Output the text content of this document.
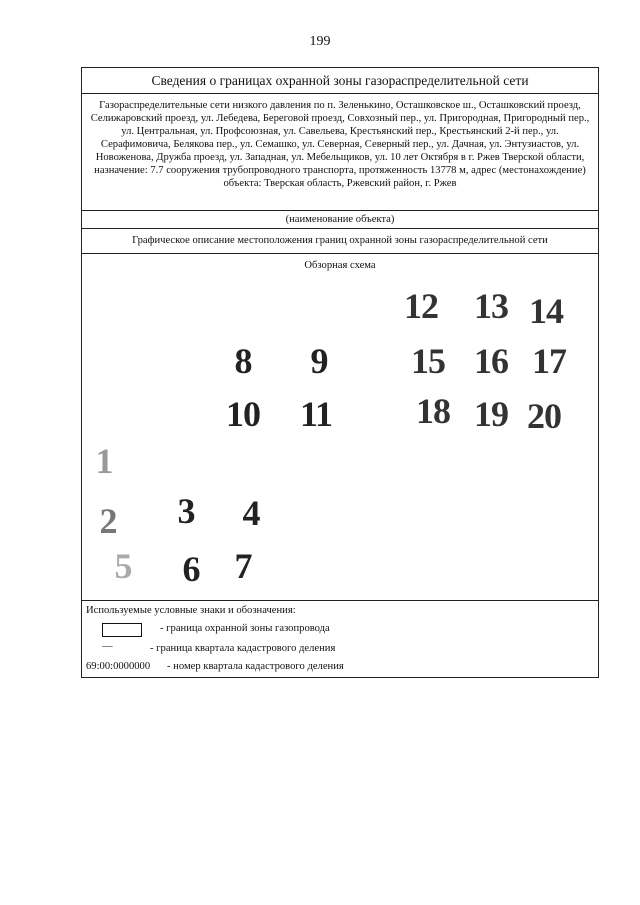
199
Сведения о границах охранной зоны газораспределительной сети
Газораспределительные сети низкого давления по п. Зеленькино, Осташковское ш., Осташковский проезд, Селижаровский проезд, ул. Лебедева, Береговой проезд, Совхозный пер., ул. Пригородная, Пригородный пер., ул. Центральная, ул. Профсоюзная, ул. Савельева, Крестьянский пер., Крестьянский 2-й пер., ул. Серафимовича, Белякова пер., ул. Семашко, ул. Северная, Северный пер., ул. Дачная, ул. Энтузиастов, ул. Новоженова, Дружба проезд, ул. Западная, ул. Мебельщиков, ул. 10 лет Октября в г. Ржев Тверской области, назначение: 7.7 сооружения трубопроводного транспорта, протяженность 13778 м, адрес (местонахождение) объекта: Тверская область, Ржевский район, г. Ржев
(наименование объекта)
Графическое описание местоположения границ охранной зоны газораспределительной сети
Обзорная схема
12 13 14
8 9 15 16 17
10 11 18 19 20
1
2 3 4
5 6 7
Используемые условные знаки и обозначения:
- граница охранной зоны газопровода
—	- граница квартала кадастрового деления
69:00:0000000 - номер квартала кадастрового деления
